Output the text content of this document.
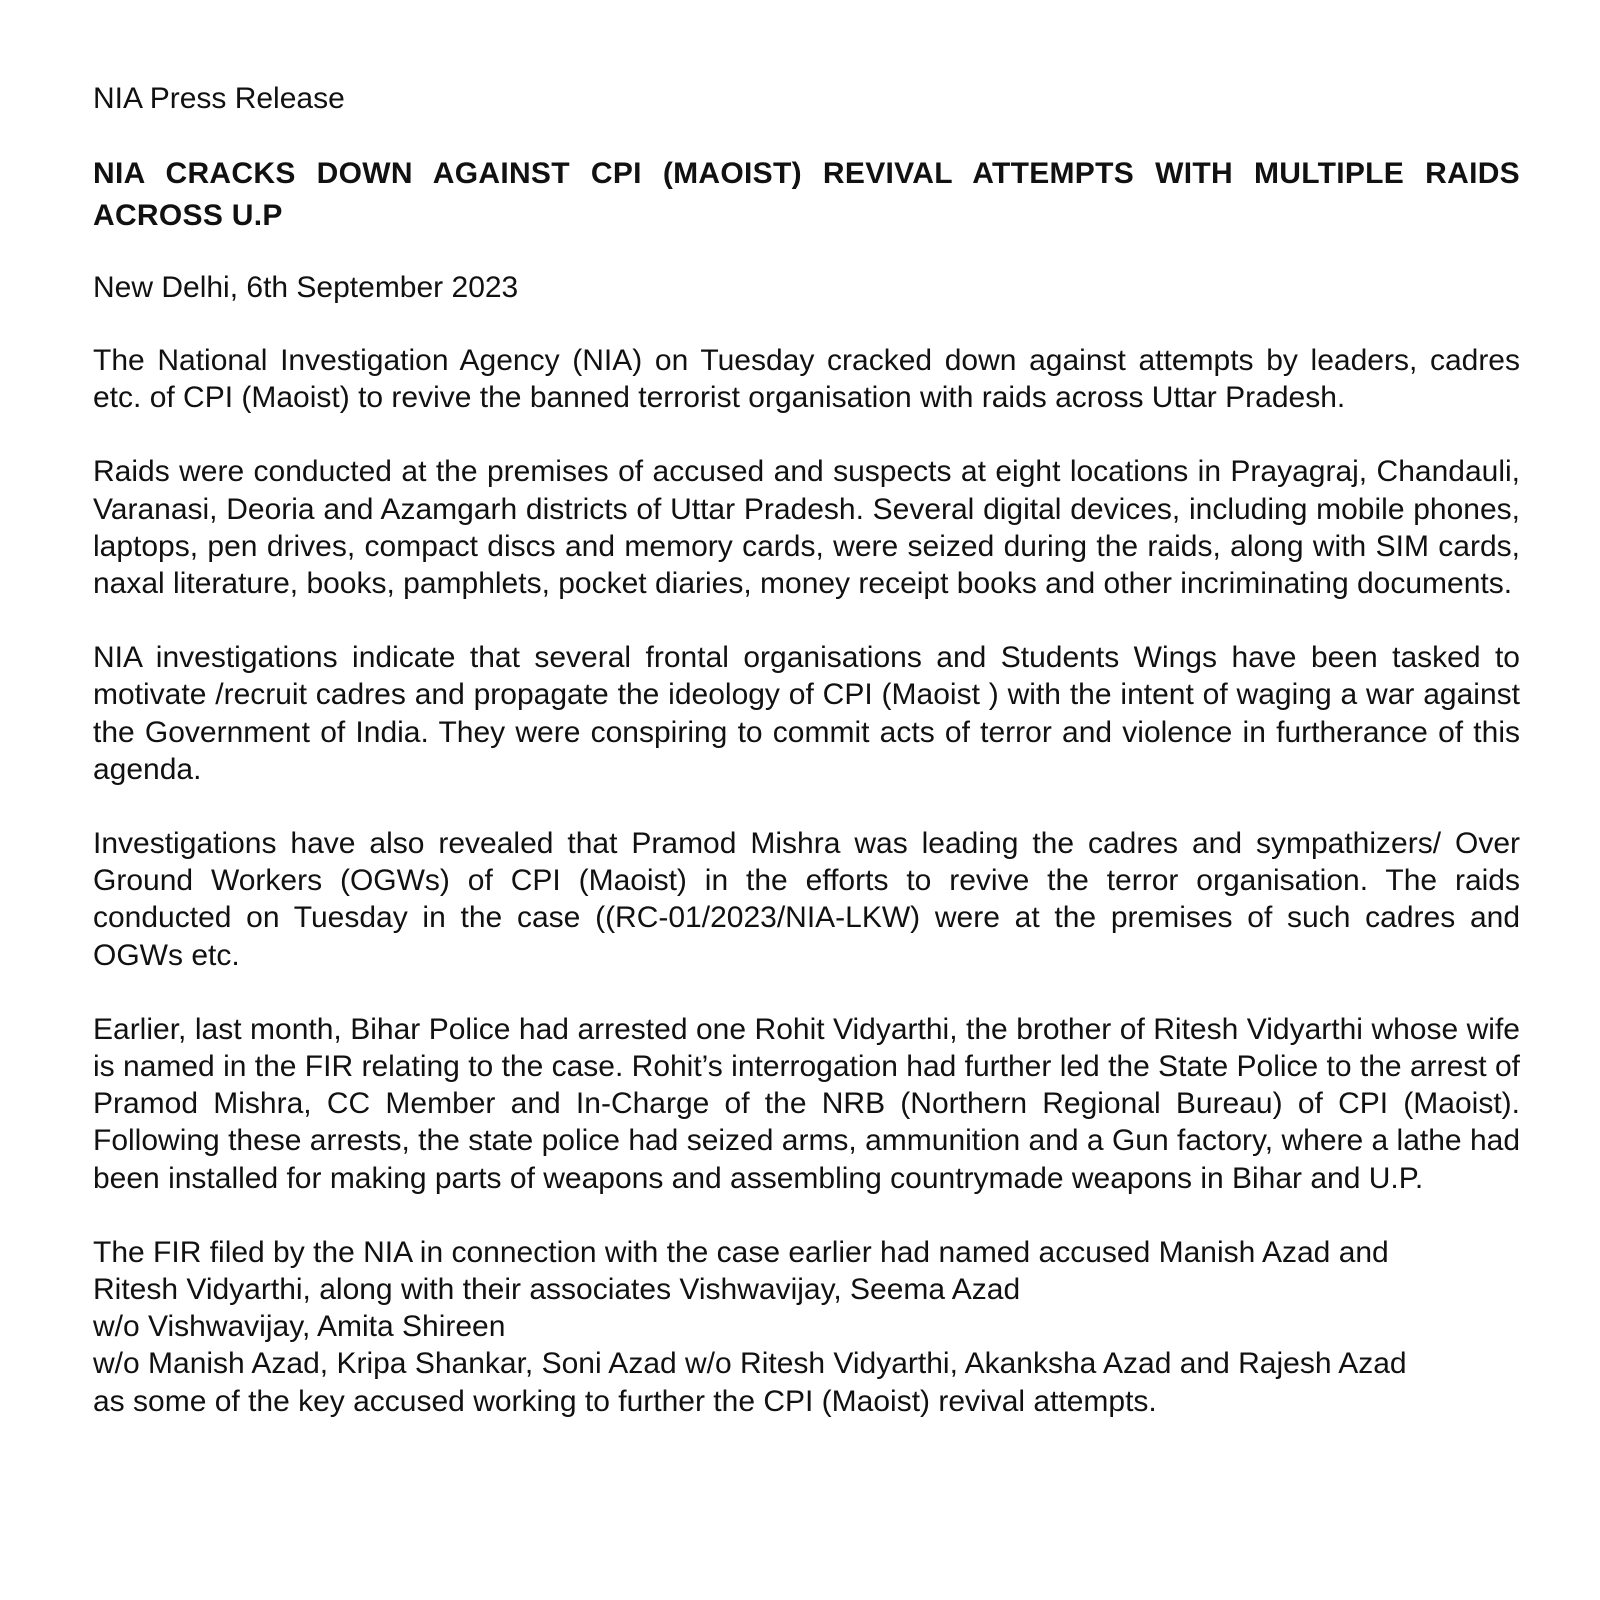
NIA Press Release
NIA CRACKS DOWN AGAINST CPI (MAOIST) REVIVAL ATTEMPTS WITH MULTIPLE RAIDS ACROSS U.P
New Delhi, 6th September 2023

The National Investigation Agency (NIA) on Tuesday cracked down against attempts by leaders, cadres etc. of CPI (Maoist) to revive the banned terrorist organisation with raids across Uttar Pradesh.

Raids were conducted at the premises of accused and suspects at eight locations in Prayagraj, Chandauli, Varanasi, Deoria and Azamgarh districts of Uttar Pradesh. Several digital devices, including mobile phones, laptops, pen drives, compact discs and memory cards, were seized during the raids, along with SIM cards, naxal literature, books, pamphlets, pocket diaries, money receipt books and other incriminating documents.

NIA investigations indicate that several frontal organisations and Students Wings have been tasked to motivate /recruit cadres and propagate the ideology of CPI (Maoist ) with the intent of waging a war against the Government of India. They were conspiring to commit acts of terror and violence in furtherance of this agenda.

Investigations have also revealed that Pramod Mishra was leading the cadres and sympathizers/ Over Ground Workers (OGWs) of CPI (Maoist) in the efforts to revive the terror organisation. The raids conducted on Tuesday in the case ((RC-01/2023/NIA-LKW) were at the premises of such cadres and OGWs etc.

Earlier, last month, Bihar Police had arrested one Rohit Vidyarthi, the brother of Ritesh Vidyarthi whose wife is named in the FIR relating to the case. Rohit’s interrogation had further led the State Police to the arrest of Pramod Mishra, CC Member and In-Charge of the NRB (Northern Regional Bureau) of CPI (Maoist). Following these arrests, the state police had seized arms, ammunition and a Gun factory, where a lathe had been installed for making parts of weapons and assembling countrymade weapons in Bihar and U.P.

The FIR filed by the NIA in connection with the case earlier had named accused Manish Azad and
Ritesh Vidyarthi, along with their associates Vishwavijay, Seema Azad
w/o Vishwavijay, Amita Shireen
w/o Manish Azad, Kripa Shankar, Soni Azad w/o Ritesh Vidyarthi, Akanksha Azad and Rajesh Azad
as some of the key accused working to further the CPI (Maoist) revival attempts.
